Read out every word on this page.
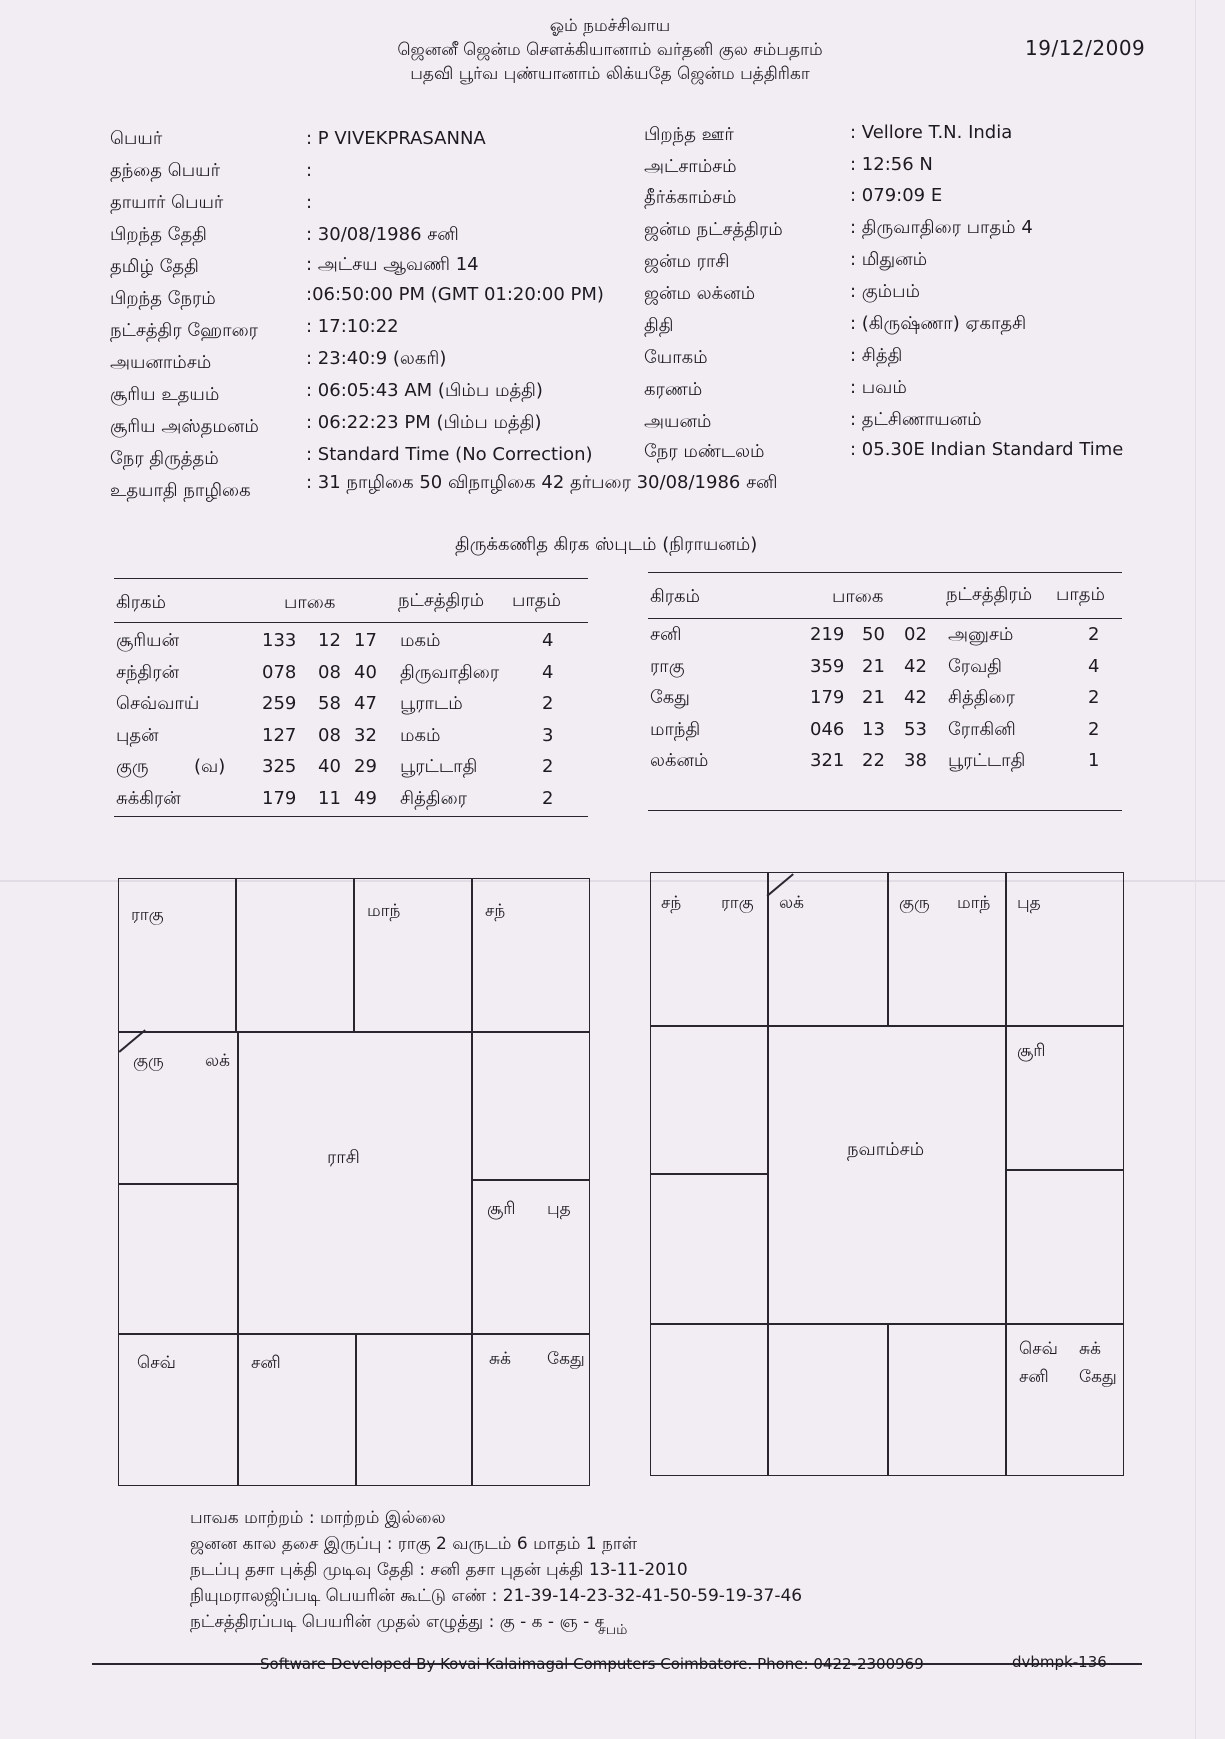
ஓம் நமச்சிவாய
ஜெனனீ ஜென்ம சௌக்கியானாம் வர்தனி குல சம்பதாம்
பதவி பூர்வ புண்யானாம் லிக்யதே ஜென்ம பத்திரிகா
19/12/2009
பெயர்	: P VIVEKPRASANNA
தந்தை பெயர்	:
தாயார் பெயர்	:
பிறந்த தேதி	: 30/08/1986 சனி
தமிழ் தேதி	: அட்சய ஆவணி 14
பிறந்த நேரம்	:06:50:00 PM (GMT 01:20:00 PM)
நட்சத்திர ஹோரை	: 17:10:22
அயனாம்சம்	: 23:40:9 (லகரி)
சூரிய உதயம்	: 06:05:43 AM (பிம்ப மத்தி)
சூரிய அஸ்தமனம்	: 06:22:23 PM (பிம்ப மத்தி)
நேர திருத்தம்	: Standard Time (No Correction)
உதயாதி நாழிகை	: 31 நாழிகை 50 விநாழிகை 42 தர்பரை 30/08/1986 சனி
பிறந்த ஊர்	: Vellore T.N. India
அட்சாம்சம்	: 12:56 N
தீர்க்காம்சம்	: 079:09 E
ஜன்ம நட்சத்திரம்	: திருவாதிரை பாதம் 4
ஜன்ம ராசி	: மிதுனம்
ஜன்ம லக்னம்	: கும்பம்
திதி	: (கிருஷ்ணா) ஏகாதசி
யோகம்	: சித்தி
கரணம்	: பவம்
அயனம்	: தட்சிணாயனம்
நேர மண்டலம்	: 05.30E Indian Standard Time
திருக்கணித கிரக ஸ்புடம் (நிராயனம்)
கிரகம்	பாகை	நட்சத்திரம் பாதம்
சூரியன்	133 12 17 மகம்	4
சந்திரன்	078 08 40 திருவாதிரை 4
செவ்வாய்	259 58 47 பூராடம்	2
புதன்	127 08 32 மகம்	3
குரு	(வ) 325 40 29 பூரட்டாதி	2
சுக்கிரன்	179 11 49 சித்திரை	2
கிரகம்	பாகை	நட்சத்திரம் பாதம்
சனி	219 50 02 அனுசம்	2
ராகு	359 21 42 ரேவதி	4
கேது	179 21 42 சித்திரை	2
மாந்தி	046 13 53 ரோகினி	2
லக்னம்	321 22 38 பூரட்டாதி	1
ராகு	மாந்	சந்
குரு லக்
ராசி
சூரி புத
செவ்	சனி	சுக் கேது
சந் ராகு லக்	குரு மாந் புத
சூரி
நவாம்சம்
செவ் சுக்
சனி கேது
பாவக மாற்றம் : மாற்றம் இல்லை
ஜனன கால தசை இருப்பு : ராகு 2 வருடம் 6 மாதம் 1 நாள்
நடப்பு தசா புக்தி முடிவு தேதி : சனி தசா புதன் புக்தி 13-11-2010
நியுமராலஜிப்படி பெயரின் கூட்டு எண் : 21-39-14-23-32-41-50-59-19-37-46
நட்சத்திரப்படி பெயரின் முதல் எழுத்து : கு - க - ஞ - ச
சபம்
Software Developed By Kovai Kalaimagal Computers Coimbatore. Phone: 0422-2300969	dvbmpk-136
